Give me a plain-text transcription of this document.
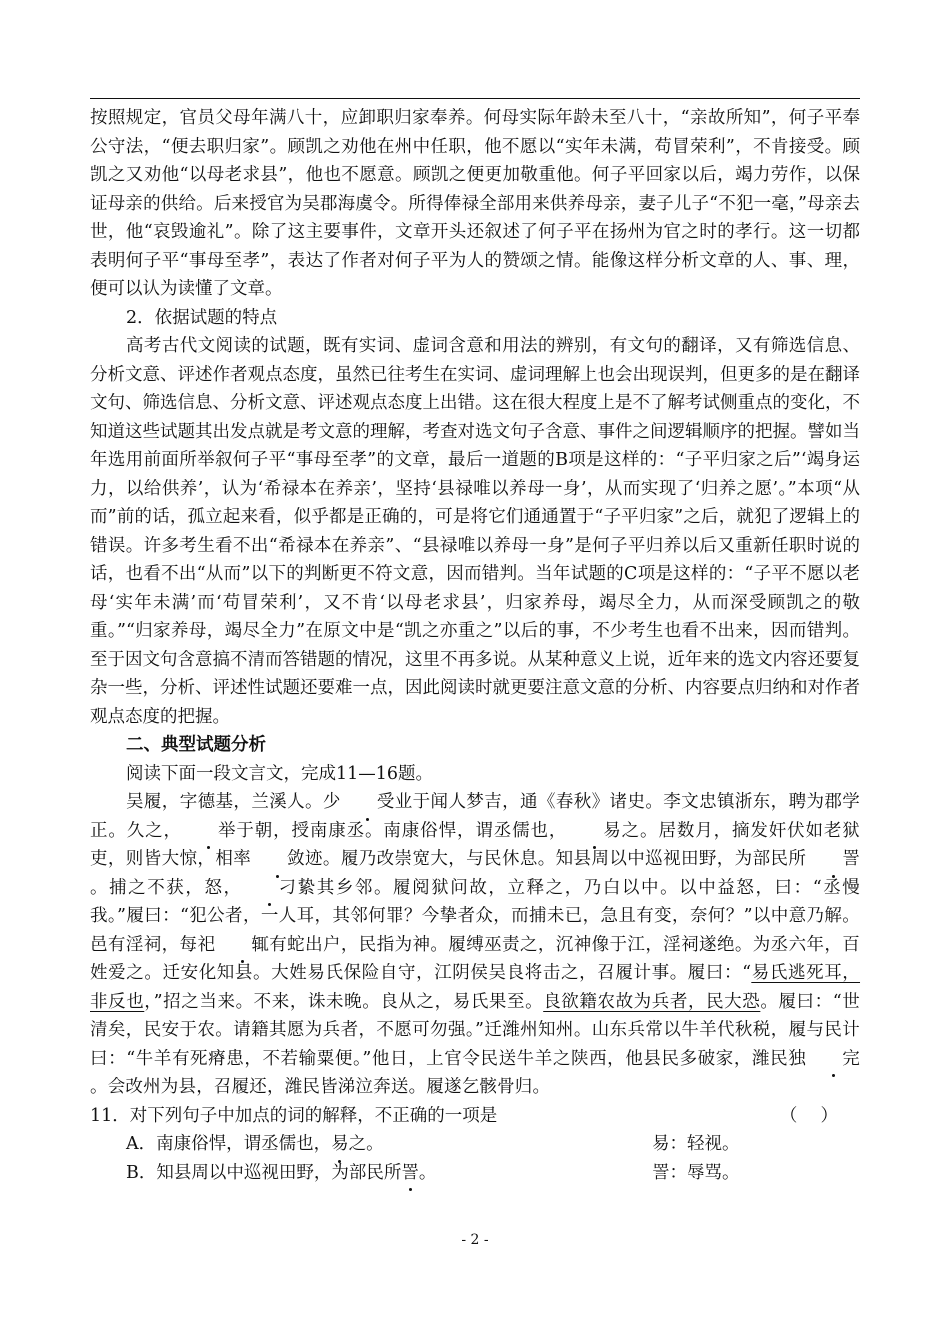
按照规定，官员父母年满八十，应卸职归家奉养。何母实际年龄未至八十，“亲故所知”，何子平奉公守法，“便去职归家”。顾凯之劝他在州中任职，他不愿以“实年未满，苟冒荣利”，不肯接受。顾凯之又劝他“以母老求县”，他也不愿意。顾凯之便更加敬重他。何子平回家以后，竭力劳作，以保证母亲的供给。后来授官为吴郡海虞令。所得俸禄全部用来供养母亲，妻子儿子“不犯一毫，”母亲去世，他“哀毁逾礼”。除了这主要事件，文章开头还叙述了何子平在扬州为官之时的孝行。这一切都表明何子平“事母至孝”，表达了作者对何子平为人的赞颂之情。能像这样分析文章的人、事、理，便可以认为读懂了文章。

2．依据试题的特点

高考古代文阅读的试题，既有实词、虚词含意和用法的辨别，有文句的翻译，又有筛选信息、分析文意、评述作者观点态度，虽然已往考生在实词、虚词理解上也会出现误判，但更多的是在翻译文句、筛选信息、分析文意、评述观点态度上出错。这在很大程度上是不了解考试侧重点的变化，不知道这些试题其出发点就是考文意的理解，考查对选文句子含意、事件之间逻辑顺序的把握。譬如当年选用前面所举叙何子平“事母至孝”的文章，最后一道题的B项是这样的：“子平归家之后”‘竭身运力，以给供养’，认为‘希禄本在养亲’，坚持‘县禄唯以养母一身’，从而实现了‘归养之愿’。”本项“从而”前的话，孤立起来看，似乎都是正确的，可是将它们通通置于“子平归家”之后，就犯了逻辑上的错误。许多考生看不出“希禄本在养亲”、“县禄唯以养母一身”是何子平归养以后又重新任职时说的话，也看不出“从而”以下的判断更不符文意，因而错判。当年试题的C项是这样的：“子平不愿以老母‘实年未满’而‘苟冒荣利’，又不肯‘以母老求县’，归家养母，竭尽全力，从而深受顾凯之的敬重。”“归家养母，竭尽全力”在原文中是“凯之亦重之”以后的事，不少考生也看不出来，因而错判。至于因文句含意搞不清而答错题的情况，这里不再多说。从某种意义上说，近年来的选文内容还要复杂一些，分析、评述性试题还要难一点，因此阅读时就更要注意文意的分析、内容要点归纳和对作者观点态度的把握。

二、典型试题分析

阅读下面一段文言文，完成11—16题。

吴履，字德基，兰溪人。少 受业于闻人梦吉，通《春秋》诸史。李文忠镇浙东，聘为郡学正。久之， 举于朝，授南康丞。南康俗悍，谓丞儒也， 易之。居数月，摘发奸伏如老狱吏，则皆大惊，相率 敛迹。履乃改崇宽大，与民休息。知县周以中巡视田野，为部民所 詈。捕之不获，怒， 刁絷其乡邻。履阅狱问故，立释之，乃白以中。以中益怒，曰：“丞慢我。”履曰：“犯公者，一人耳，其邻何罪？今挚者众，而捕未已，急且有变，奈何？”以中意乃解。邑有淫祠，每祀 辄有蛇出户，民指为神。履缚巫责之，沉神像于江，淫祠遂绝。为丞六年，百姓爱之。迁安化知县。大姓易氏保险自守，江阴侯吴良将击之，召履计事。履曰：“易氏逃死耳，非反也，”招之当来。不来，诛未晚。良从之，易氏果至。良欲籍农故为兵者，民大恐。履曰：“世清矣，民安于农。请籍其愿为兵者，不愿可勿强。”迁潍州知州。山东兵常以牛羊代秋税，履与民计曰：“牛羊有死瘠患，不若输粟便。”他日，上官令民送牛羊之陕西，他县民多破家，潍民独 完。会改州为县，召履还，潍民皆涕泣奔送。履遂乞骸骨归。

11．对下列句子中加点的词的解释，不正确的一项是	（　 ）

A．南康俗悍，谓丞儒也，易之。	易：轻视。

B．知县周以中巡视田野，为部民所詈。	詈：辱骂。

- 2 -
